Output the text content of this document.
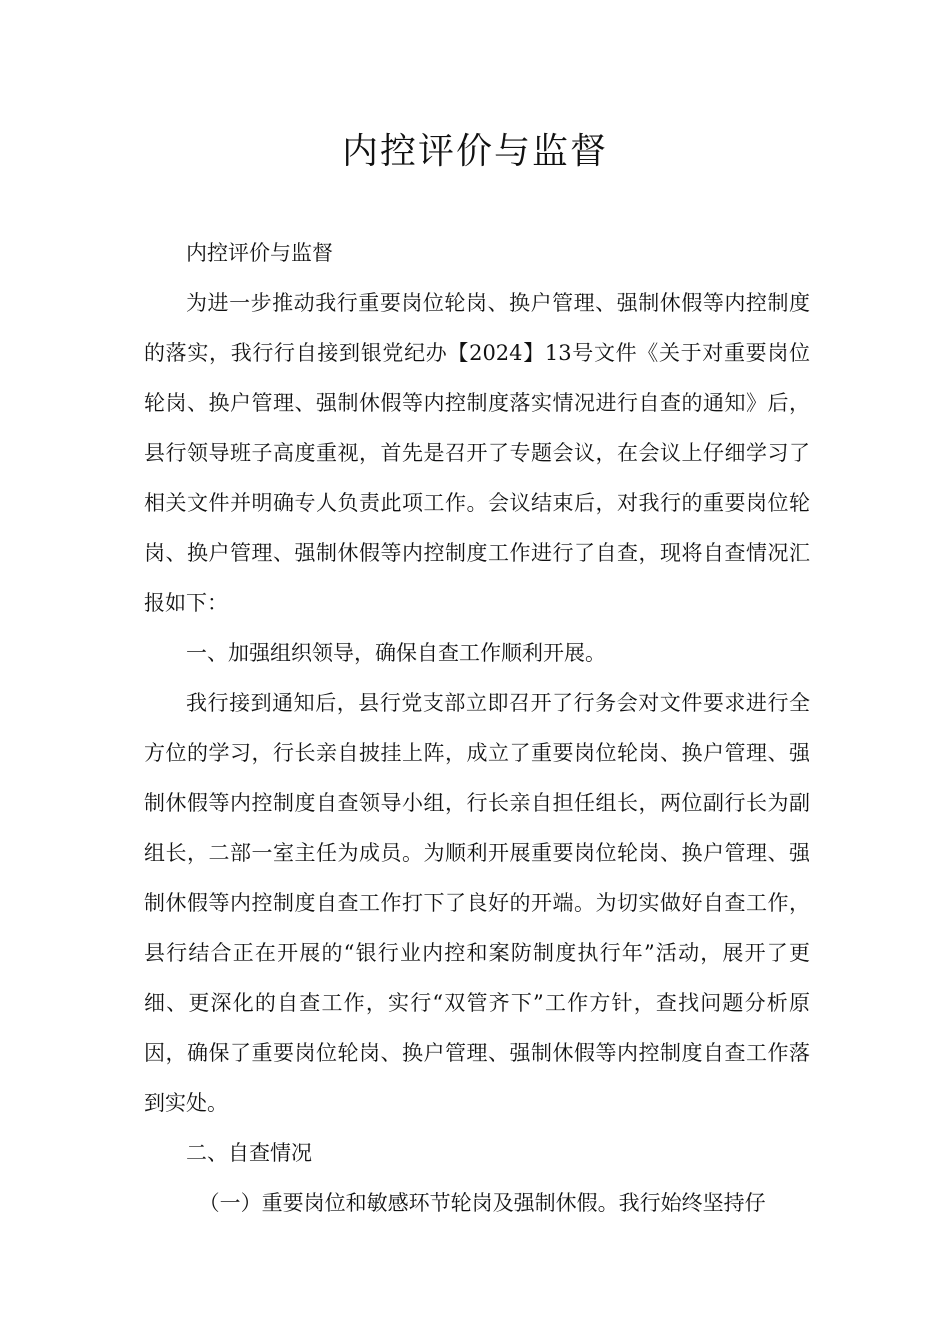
内控评价与监督

内控评价与监督

为进一步推动我行重要岗位轮岗、换户管理、强制休假等内控制度的落实，我行行自接到银党纪办【2024】13号文件《关于对重要岗位轮岗、换户管理、强制休假等内控制度落实情况进行自查的通知》后，县行领导班子高度重视，首先是召开了专题会议，在会议上仔细学习了相关文件并明确专人负责此项工作。会议结束后，对我行的重要岗位轮岗、换户管理、强制休假等内控制度工作进行了自查，现将自查情况汇报如下：

一、加强组织领导，确保自查工作顺利开展。

我行接到通知后，县行党支部立即召开了行务会对文件要求进行全方位的学习，行长亲自披挂上阵，成立了重要岗位轮岗、换户管理、强制休假等内控制度自查领导小组，行长亲自担任组长，两位副行长为副组长，二部一室主任为成员。为顺利开展重要岗位轮岗、换户管理、强制休假等内控制度自查工作打下了良好的开端。为切实做好自查工作，县行结合正在开展的“银行业内控和案防制度执行年”活动，展开了更细、更深化的自查工作，实行“双管齐下”工作方针，查找问题分析原因，确保了重要岗位轮岗、换户管理、强制休假等内控制度自查工作落到实处。

二、自查情况

（一）重要岗位和敏感环节轮岗及强制休假。我行始终坚持仔
